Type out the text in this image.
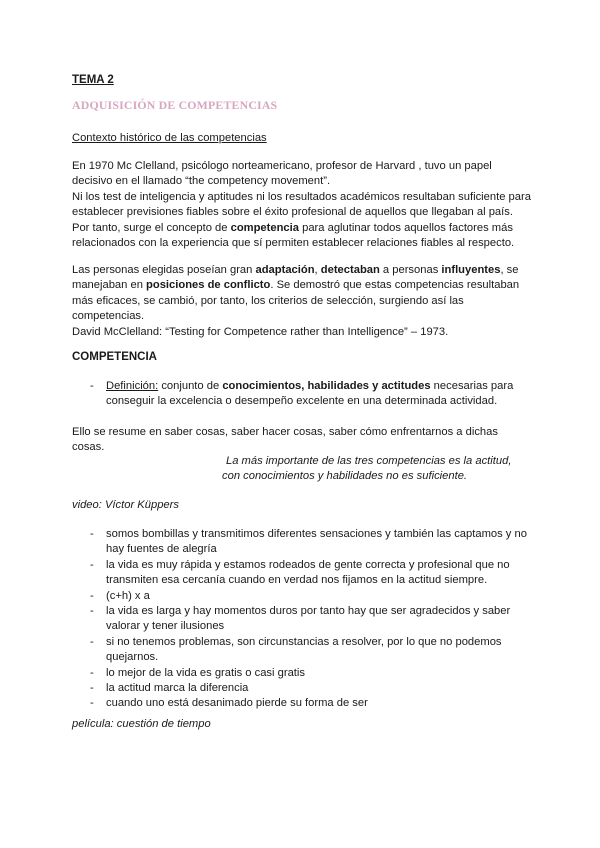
TEMA 2

ADQUISICIÓN DE COMPETENCIAS

Contexto histórico de las competencias

En 1970 Mc Clelland, psicólogo norteamericano, profesor de Harvard , tuvo un papel decisivo en el llamado “the competency movement”.
Ni los test de inteligencia y aptitudes ni los resultados académicos resultaban suficiente para establecer previsiones fiables sobre el éxito profesional de aquellos que llegaban al país.
Por tanto, surge el concepto de competencia para aglutinar todos aquellos factores más relacionados con la experiencia que sí permiten establecer relaciones fiables al respecto.
Las personas elegidas poseían gran adaptación, detectaban a personas influyentes, se manejaban en posiciones de conflicto. Se demostró que estas competencias resultaban más eficaces, se cambió, por tanto, los criterios de selección, surgiendo así las competencias.
David McClelland: “Testing for Competence rather than Intelligence” – 1973.

COMPETENCIA

- Definición: conjunto de conocimientos, habilidades y actitudes necesarias para conseguir la excelencia o desempeño excelente en una determinada actividad.

Ello se resume en saber cosas, saber hacer cosas, saber cómo enfrentarnos a dichas cosas.

La más importante de las tres competencias es la actitud,
con conocimientos y habilidades no es suficiente.

video: Víctor Küppers

- somos bombillas y transmitimos diferentes sensaciones y también las captamos y no hay fuentes de alegría
- la vida es muy rápida y estamos rodeados de gente correcta y profesional que no transmiten esa cercanía cuando en verdad nos fijamos en la actitud siempre.
- (c+h) x a
- la vida es larga y hay momentos duros por tanto hay que ser agradecidos y saber valorar y tener ilusiones
- si no tenemos problemas, son circunstancias a resolver, por lo que no podemos quejarnos.
- lo mejor de la vida es gratis o casi gratis
- la actitud marca la diferencia
- cuando uno está desanimado pierde su forma de ser

película: cuestión de tiempo
